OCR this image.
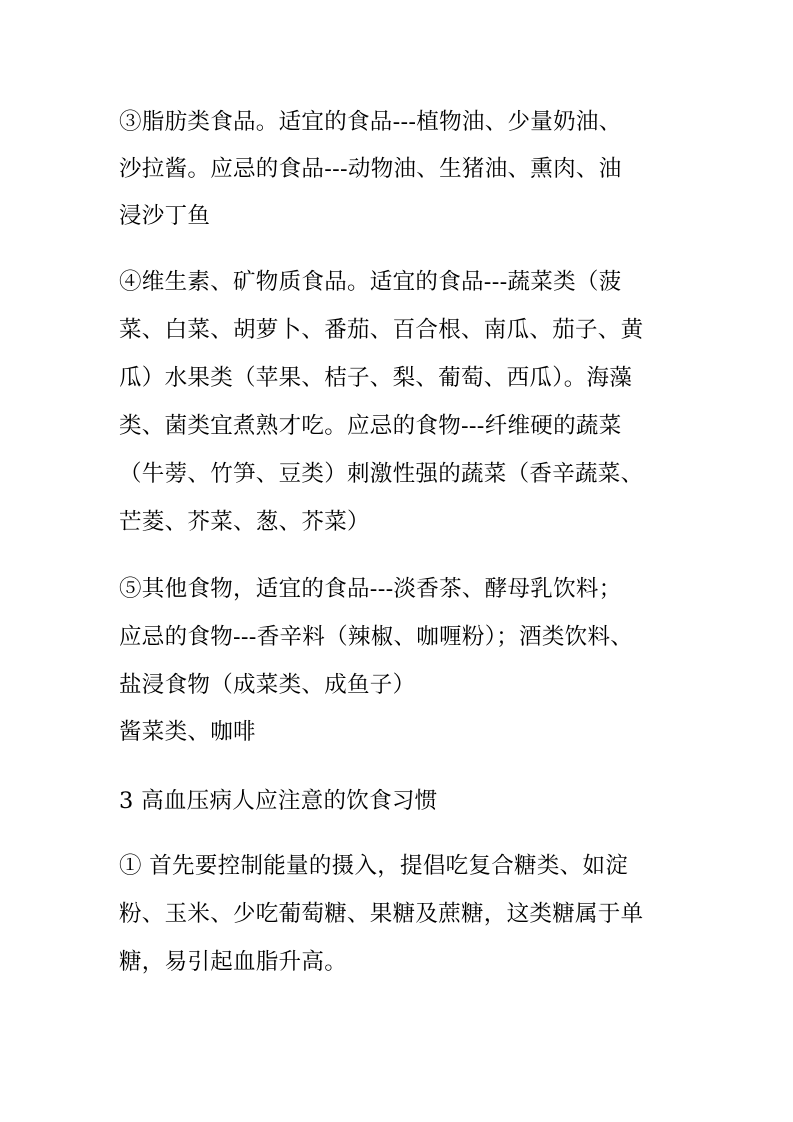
③脂肪类食品。适宜的食品---植物油、少量奶油、
沙拉酱。应忌的食品---动物油、生猪油、熏肉、油
浸沙丁鱼
④维生素、矿物质食品。适宜的食品---蔬菜类（菠
菜、白菜、胡萝卜、番茄、百合根、南瓜、茄子、黄
瓜）水果类（苹果、桔子、梨、葡萄、西瓜）。海藻
类、菌类宜煮熟才吃。应忌的食物---纤维硬的蔬菜
（牛蒡、竹笋、豆类）刺激性强的蔬菜（香辛蔬菜、
芒菱、芥菜、葱、芥菜）
⑤其他食物，适宜的食品---淡香茶、酵母乳饮料；
应忌的食物---香辛料（辣椒、咖喱粉）；酒类饮料、
盐浸食物（成菜类、成鱼子）
酱菜类、咖啡
3 高血压病人应注意的饮食习惯
① 首先要控制能量的摄入，提倡吃复合糖类、如淀
粉、玉米、少吃葡萄糖、果糖及蔗糖，这类糖属于单
糖，易引起血脂升高。
